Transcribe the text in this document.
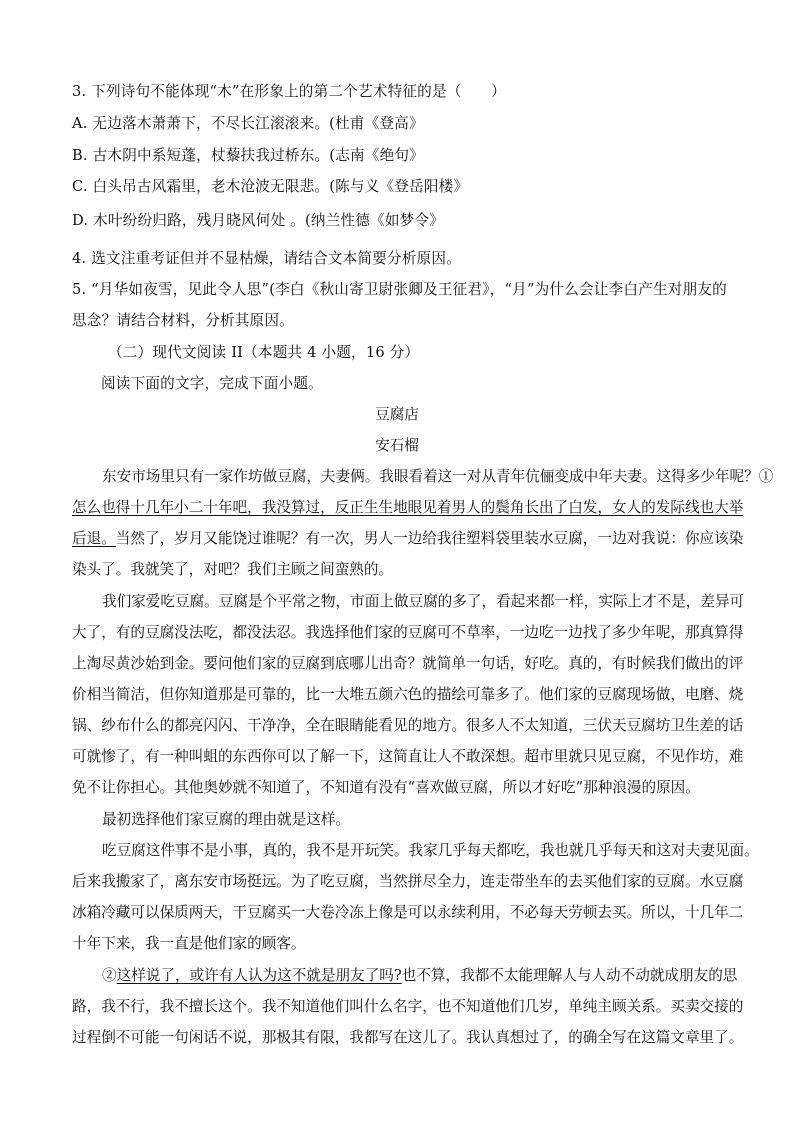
3. 下列诗句不能体现“木”在形象上的第二个艺术特征的是（　　）
A. 无边落木萧萧下，不尽长江滚滚来。(杜甫《登高》
B. 古木阴中系短蓬，杖藜扶我过桥东。(志南《绝句》
C. 白头吊古风霜里，老木沧波无限悲。(陈与义《登岳阳楼》
D. 木叶纷纷归路，残月晓风何处 。(纳兰性德《如梦令》
4. 选文注重考证但并不显枯燥，请结合文本简要分析原因。
5. “月华如夜雪，见此令人思”(李白《秋山寄卫尉张卿及王征君》，“月”为什么会让李白产生对朋友的
思念？请结合材料，分析其原因。
（二）现代文阅读 II（本题共 4 小题，16 分）
阅读下面的文字，完成下面小题。
豆腐店
安石榴
东安市场里只有一家作坊做豆腐，夫妻俩。我眼看着这一对从青年伉俪变成中年夫妻。这得多少年呢？①
怎么也得十几年小二十年吧，我没算过，反正生生地眼见着男人的鬓角长出了白发，女人的发际线也大举
后退。当然了，岁月又能饶过谁呢？有一次，男人一边给我往塑料袋里装水豆腐，一边对我说：你应该染
染头了。我就笑了，对吧？我们主顾之间蛮熟的。
我们家爱吃豆腐。豆腐是个平常之物，市面上做豆腐的多了，看起来都一样，实际上才不是，差异可
大了，有的豆腐没法吃，都没法忍。我选择他们家的豆腐可不草率，一边吃一边找了多少年呢，那真算得
上淘尽黄沙始到金。要问他们家的豆腐到底哪儿出奇？就简单一句话，好吃。真的，有时候我们做出的评
价相当简洁，但你知道那是可靠的，比一大堆五颜六色的描绘可靠多了。他们家的豆腐现场做，电磨、烧
锅、纱布什么的都亮闪闪、干净净，全在眼睛能看见的地方。很多人不太知道，三伏天豆腐坊卫生差的话
可就惨了，有一种叫蛆的东西你可以了解一下，这简直让人不敢深想。超市里就只见豆腐，不见作坊，难
免不让你担心。其他奥妙就不知道了，不知道有没有“喜欢做豆腐，所以才好吃”那种浪漫的原因。
最初选择他们家豆腐的理由就是这样。
吃豆腐这件事不是小事，真的，我不是开玩笑。我家几乎每天都吃，我也就几乎每天和这对夫妻见面。
后来我搬家了，离东安市场挺远。为了吃豆腐，当然拼尽全力，连走带坐车的去买他们家的豆腐。水豆腐
冰箱冷藏可以保质两天，干豆腐买一大卷冷冻上像是可以永续利用，不必每天劳顿去买。所以，十几年二
十年下来，我一直是他们家的顾客。
②这样说了，或许有人认为这不就是朋友了吗?也不算，我都不太能理解人与人动不动就成朋友的思
路，我不行，我不擅长这个。我不知道他们叫什么名字，也不知道他们几岁，单纯主顾关系。买卖交接的
过程倒不可能一句闲话不说，那极其有限，我都写在这儿了。我认真想过了，的确全写在这篇文章里了。
